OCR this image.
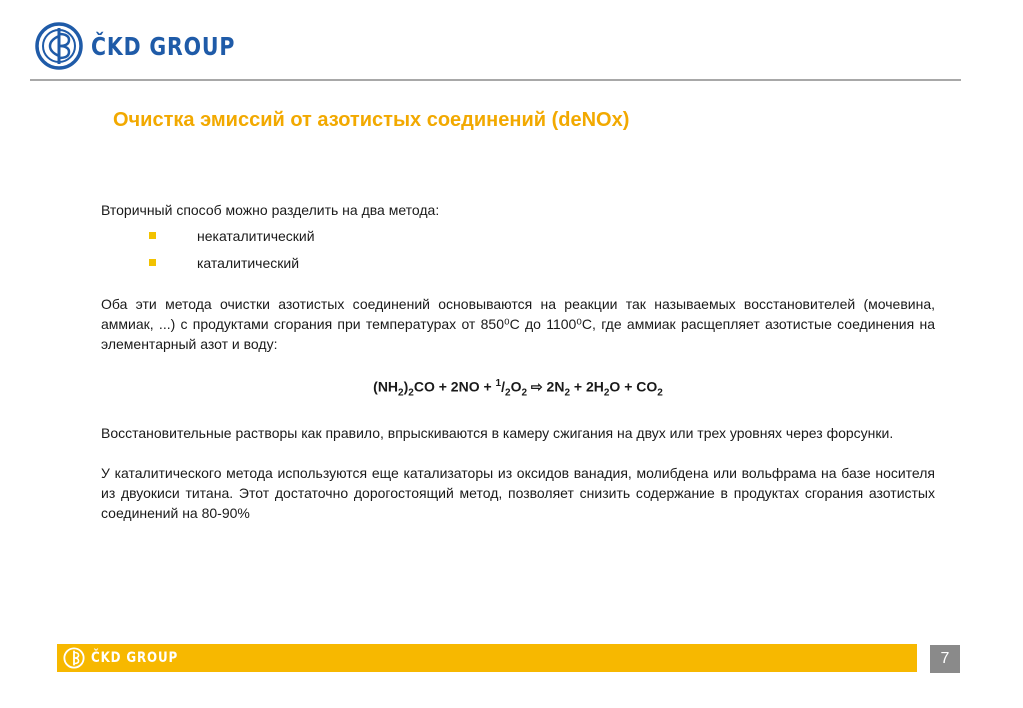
ČKD GROUP
Очистка эмиссий от азотистых соединений (deNOx)

Вторичный способ можно разделить на два метода:

некаталитический
каталитический

Оба эти метода очистки азотистых соединений основываются на реакции так называемых восстановителей (мочевина, аммиак, ...) с продуктами сгорания при температурах от 850⁰C до 1100⁰C, где аммиак расщепляет азотистые соединения на элементарный азот и воду:

$(NH_2)_2CO + 2NO + ^1/_2O_2$ ⇨ $2N_2 + 2H_2O + CO_2$

Восстановительные растворы как правило, впрыскиваются в камеру сжигания на двух или трех уровнях через форсунки.

У каталитического метода используются еще катализаторы из оксидов ванадия, молибдена или вольфрама на базе носителя из двуокиси титана. Этот достаточно дорогостоящий метод, позволяет снизить содержание в продуктах сгорания азотистых соединений на 80-90%

ČKD GROUP	7
